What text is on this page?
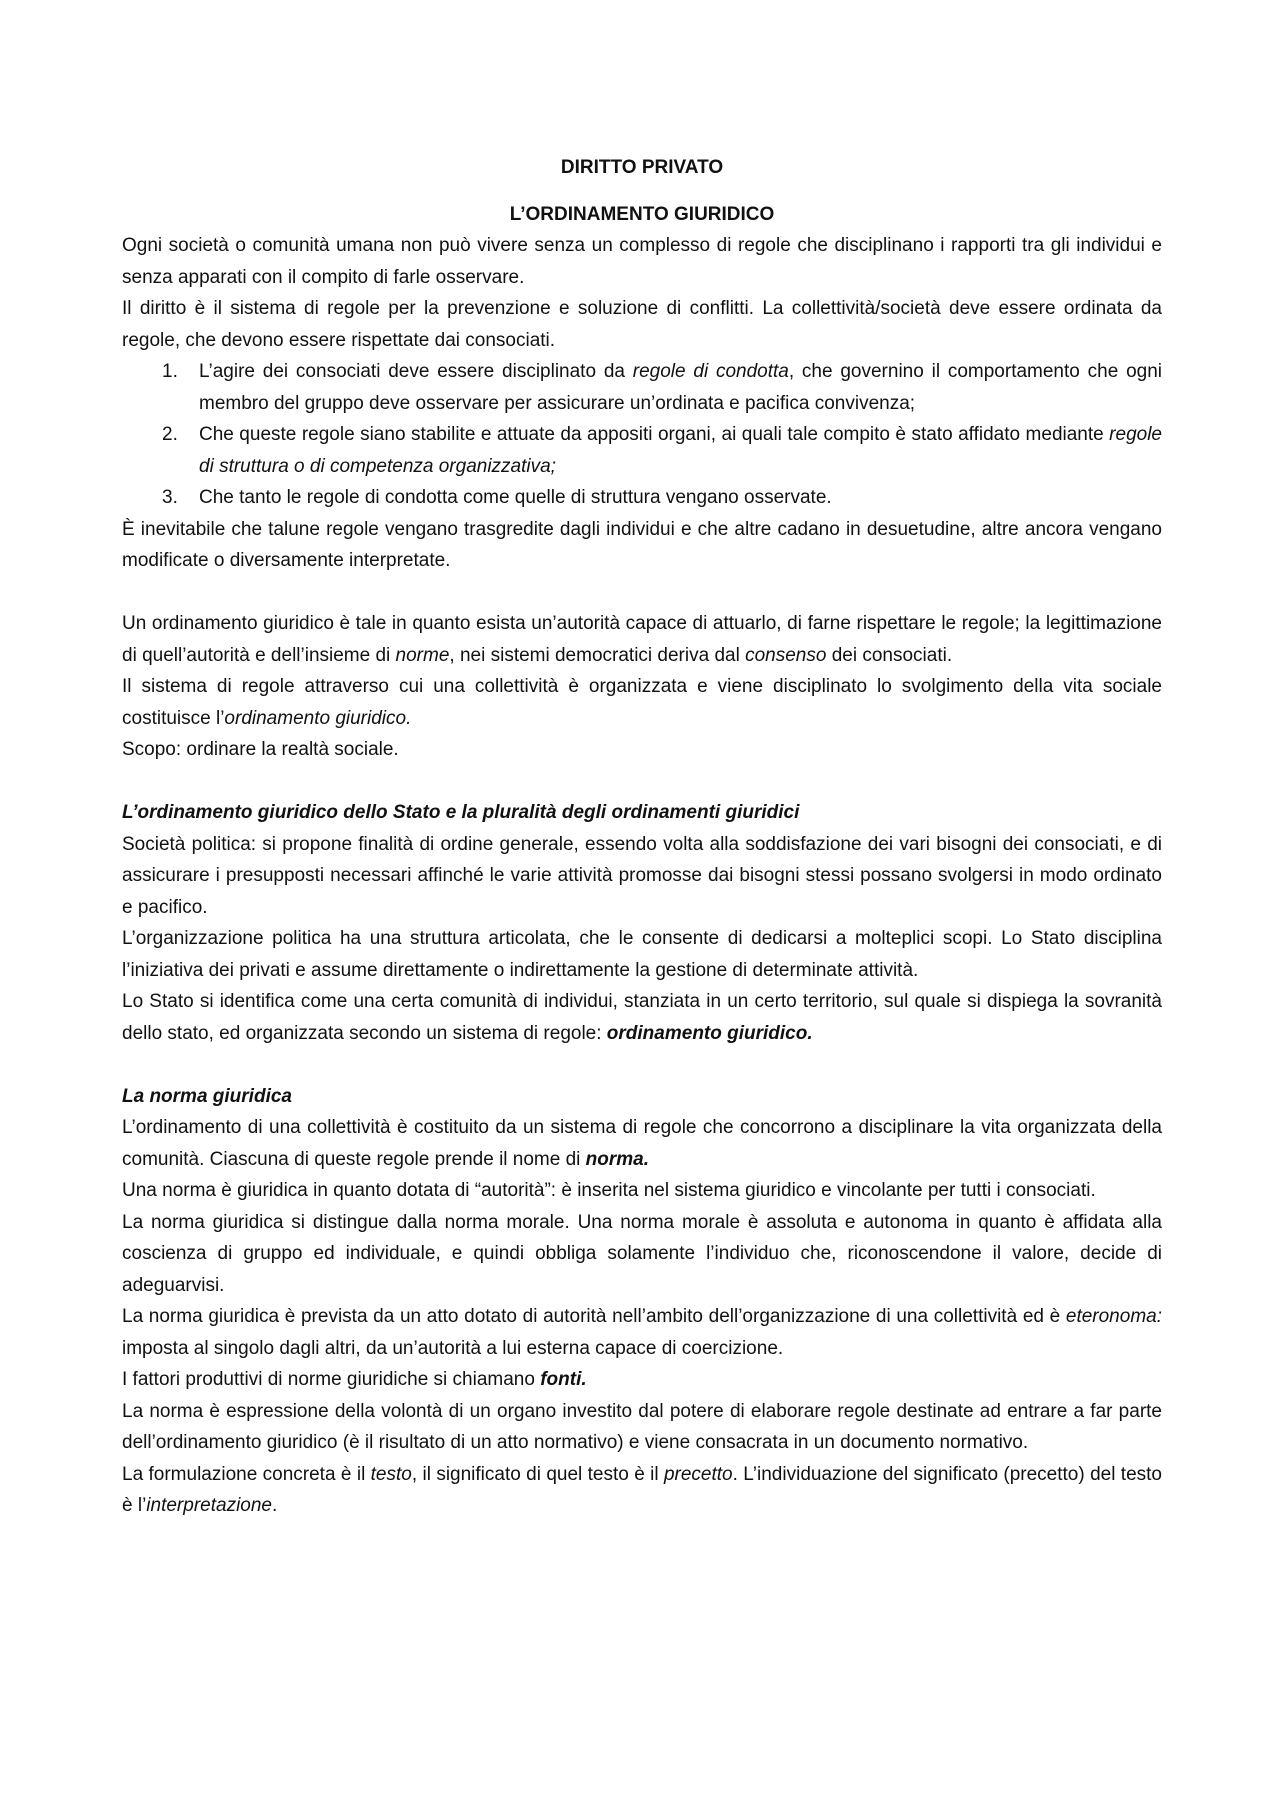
DIRITTO PRIVATO

L’ORDINAMENTO GIURIDICO

Ogni società o comunità umana non può vivere senza un complesso di regole che disciplinano i rapporti tra gli individui e senza apparati con il compito di farle osservare.

Il diritto è il sistema di regole per la prevenzione e soluzione di conflitti. La collettività/società deve essere ordinata da regole, che devono essere rispettate dai consociati.

1. L’agire dei consociati deve essere disciplinato da regole di condotta, che governino il comportamento che ogni membro del gruppo deve osservare per assicurare un’ordinata e pacifica convivenza;
2. Che queste regole siano stabilite e attuate da appositi organi, ai quali tale compito è stato affidato mediante regole di struttura o di competenza organizzativa;
3. Che tanto le regole di condotta come quelle di struttura vengano osservate.

È inevitabile che talune regole vengano trasgredite dagli individui e che altre cadano in desuetudine, altre ancora vengano modificate o diversamente interpretate.

Un ordinamento giuridico è tale in quanto esista un’autorità capace di attuarlo, di farne rispettare le regole; la legittimazione di quell’autorità e dell’insieme di norme, nei sistemi democratici deriva dal consenso dei consociati.

Il sistema di regole attraverso cui una collettività è organizzata e viene disciplinato lo svolgimento della vita sociale costituisce l’ordinamento giuridico.

Scopo: ordinare la realtà sociale.

L’ordinamento giuridico dello Stato e la pluralità degli ordinamenti giuridici

Società politica: si propone finalità di ordine generale, essendo volta alla soddisfazione dei vari bisogni dei consociati, e di assicurare i presupposti necessari affinché le varie attività promosse dai bisogni stessi possano svolgersi in modo ordinato e pacifico.

L’organizzazione politica ha una struttura articolata, che le consente di dedicarsi a molteplici scopi. Lo Stato disciplina l’iniziativa dei privati e assume direttamente o indirettamente la gestione di determinate attività.

Lo Stato si identifica come una certa comunità di individui, stanziata in un certo territorio, sul quale si dispiega la sovranità dello stato, ed organizzata secondo un sistema di regole: ordinamento giuridico.

La norma giuridica

L’ordinamento di una collettività è costituito da un sistema di regole che concorrono a disciplinare la vita organizzata della comunità. Ciascuna di queste regole prende il nome di norma.

Una norma è giuridica in quanto dotata di “autorità”: è inserita nel sistema giuridico e vincolante per tutti i consociati.

La norma giuridica si distingue dalla norma morale. Una norma morale è assoluta e autonoma in quanto è affidata alla coscienza di gruppo ed individuale, e quindi obbliga solamente l’individuo che, riconoscendone il valore, decide di adeguarvisi.

La norma giuridica è prevista da un atto dotato di autorità nell’ambito dell’organizzazione di una collettività ed è eteronoma: imposta al singolo dagli altri, da un’autorità a lui esterna capace di coercizione.

I fattori produttivi di norme giuridiche si chiamano fonti.

La norma è espressione della volontà di un organo investito dal potere di elaborare regole destinate ad entrare a far parte dell’ordinamento giuridico (è il risultato di un atto normativo) e viene consacrata in un documento normativo.

La formulazione concreta è il testo, il significato di quel testo è il precetto. L’individuazione del significato (precetto) del testo è l’interpretazione.
